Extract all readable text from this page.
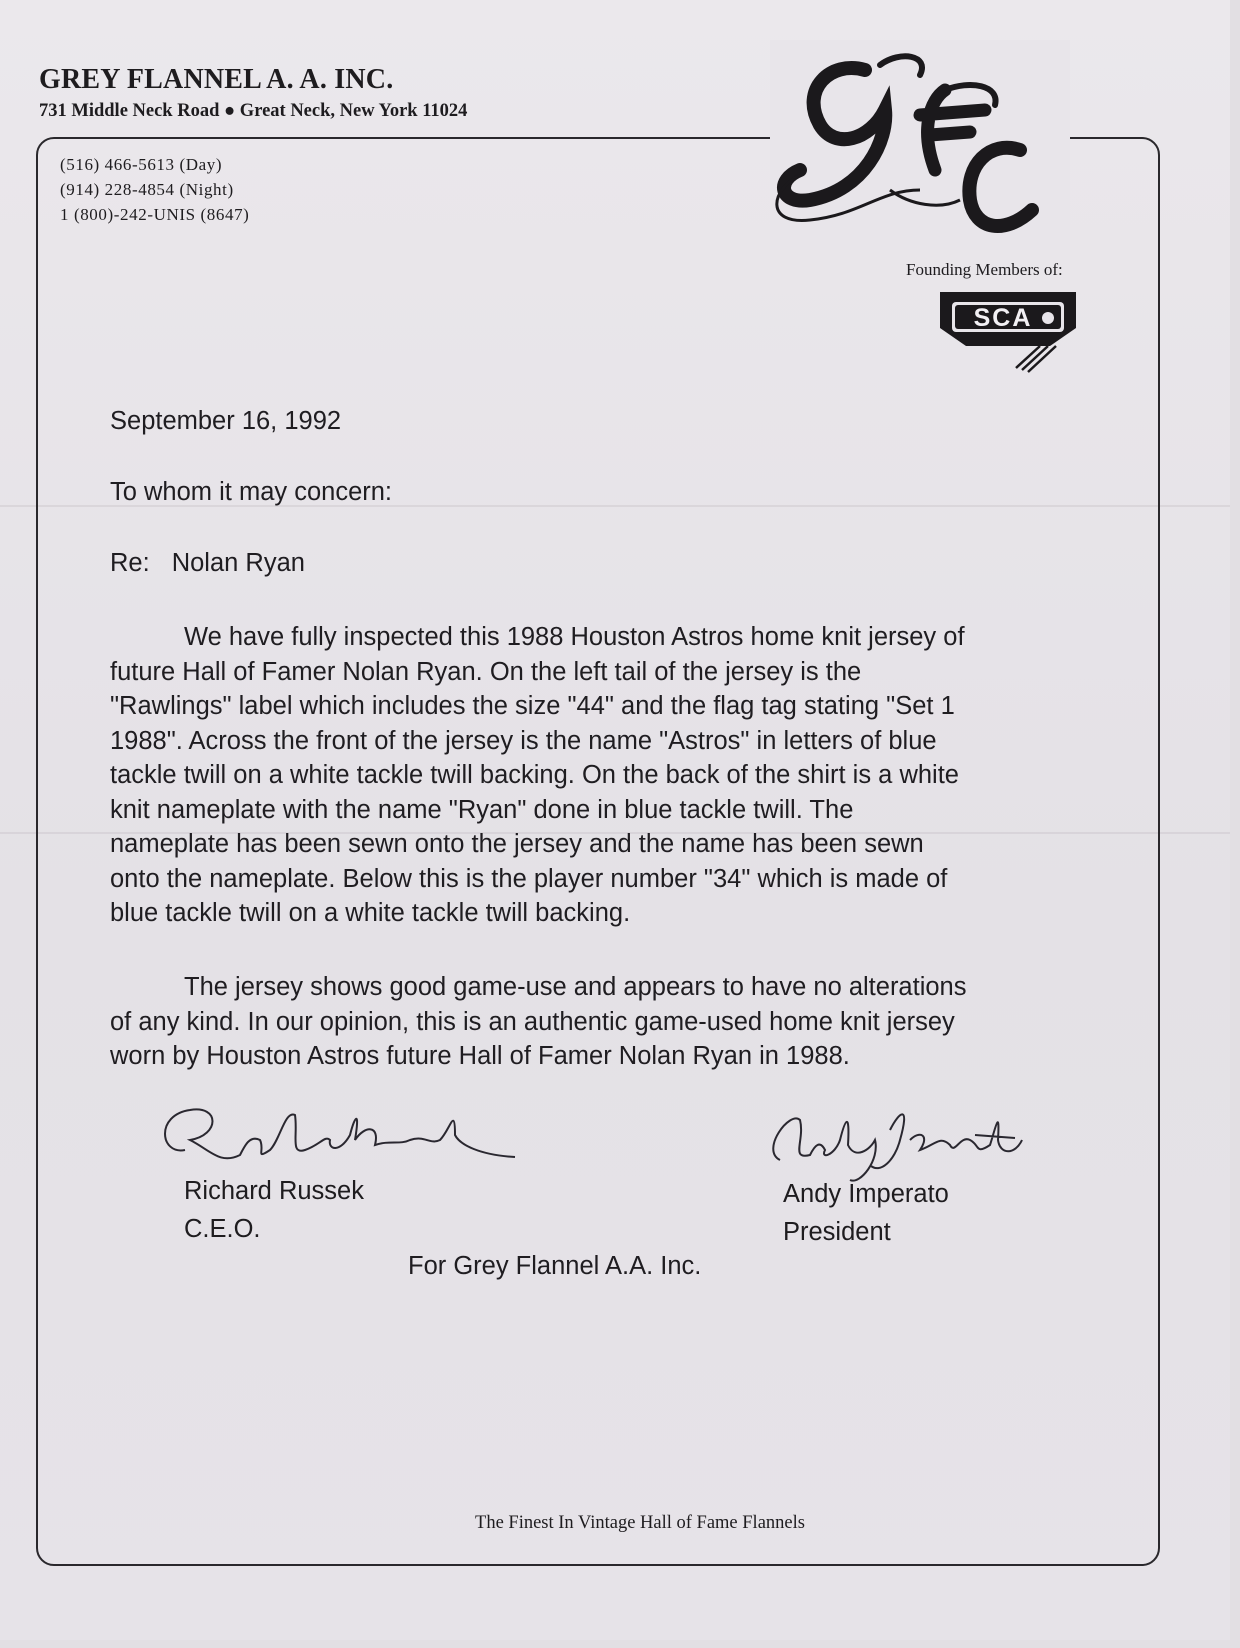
GREY FLANNEL A. A. INC.
731 Middle Neck Road ● Great Neck, New York 11024
(516) 466-5613 (Day)
(914) 228-4854 (Night)
1 (800)-242-UNIS (8647)
Founding Members of:
SCA
September 16, 1992
To whom it may concern:
Re: Nolan Ryan
We have fully inspected this 1988 Houston Astros home knit jersey of
future Hall of Famer Nolan Ryan. On the left tail of the jersey is the
"Rawlings" label which includes the size "44" and the flag tag stating "Set 1
1988". Across the front of the jersey is the name "Astros" in letters of blue
tackle twill on a white tackle twill backing. On the back of the shirt is a white
knit nameplate with the name "Ryan" done in blue tackle twill. The
nameplate has been sewn onto the jersey and the name has been sewn
onto the nameplate. Below this is the player number "34" which is made of
blue tackle twill on a white tackle twill backing.
The jersey shows good game-use and appears to have no alterations
of any kind. In our opinion, this is an authentic game-used home knit jersey
worn by Houston Astros future Hall of Famer Nolan Ryan in 1988.
Richard Russek
C.E.O.
Andy Imperato
President
For Grey Flannel A.A. Inc.
The Finest In Vintage Hall of Fame Flannels
